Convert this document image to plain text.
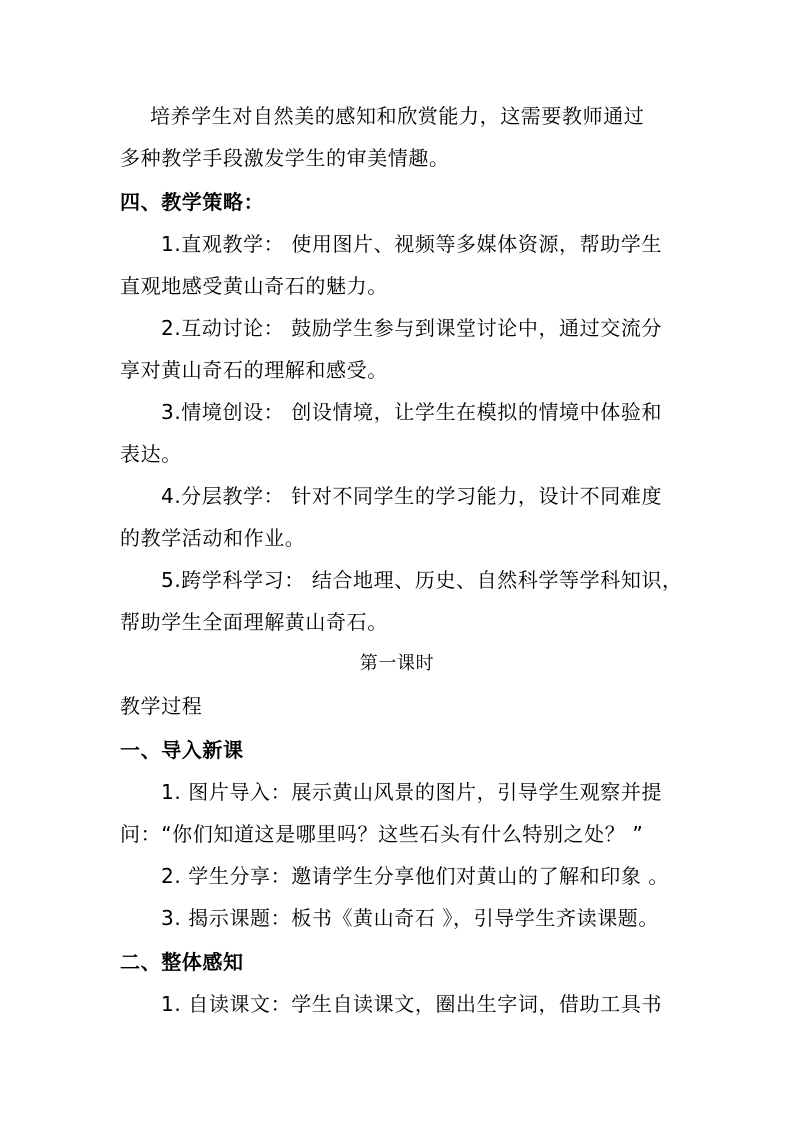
培养学生对自然美的感知和欣赏能力，这需要教师通过
多种教学手段激发学生的审美情趣。
四、教学策略：
1.直观教学： 使用图片、视频等多媒体资源，帮助学生
直观地感受黄山奇石的魅力。
2.互动讨论： 鼓励学生参与到课堂讨论中，通过交流分
享对黄山奇石的理解和感受。
3.情境创设： 创设情境，让学生在模拟的情境中体验和
表达。
4.分层教学： 针对不同学生的学习能力，设计不同难度
的教学活动和作业。
5.跨学科学习： 结合地理、历史、自然科学等学科知识，
帮助学生全面理解黄山奇石。
第一课时
教学过程
一、导入新课
1. 图片导入：展示黄山风景的图片，引导学生观察并提
问：“你们知道这是哪里吗？这些石头有什么特别之处？ ”
2. 学生分享：邀请学生分享他们对黄山的了解和印象 。
3. 揭示课题：板书《黄山奇石 》，引导学生齐读课题。
二、整体感知
1. 自读课文：学生自读课文，圈出生字词，借助工具书
